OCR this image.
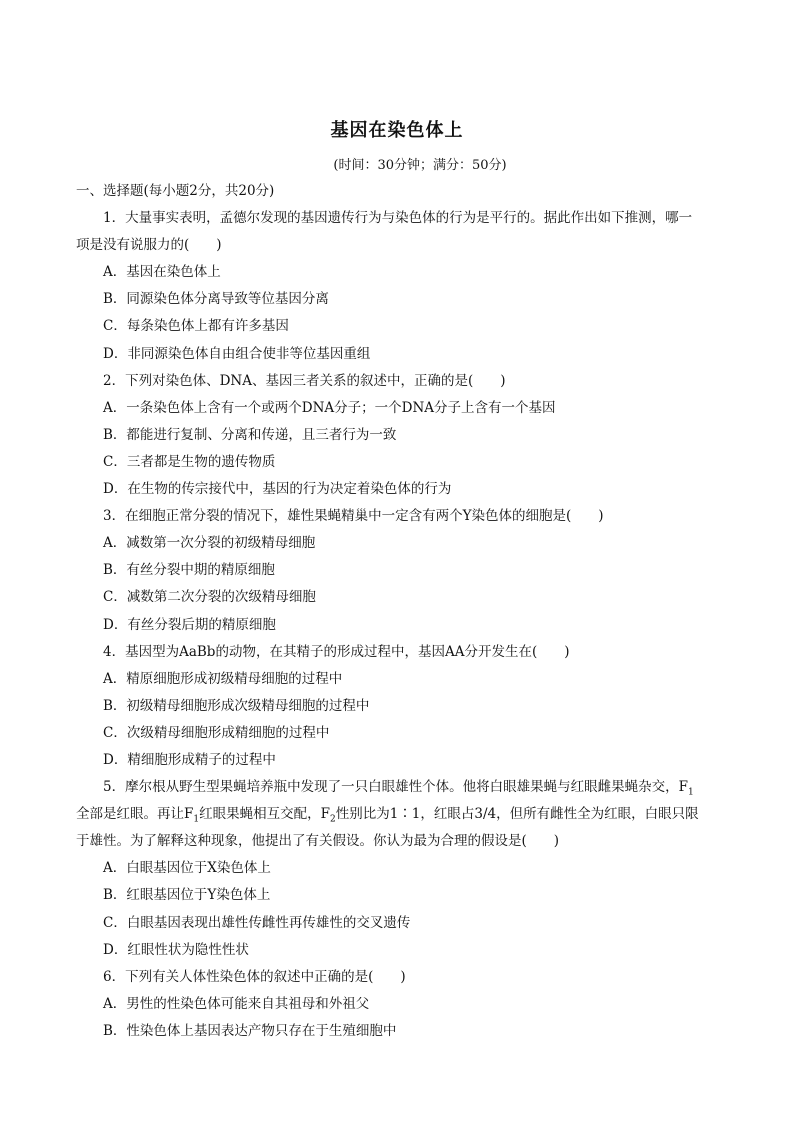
基因在染色体上
(时间：30分钟；满分：50分)
一、选择题(每小题2分，共20分)
1．大量事实表明，孟德尔发现的基因遗传行为与染色体的行为是平行的。据此作出如下推测，哪一
项是没有说服力的(　　)
A．基因在染色体上
B．同源染色体分离导致等位基因分离
C．每条染色体上都有许多基因
D．非同源染色体自由组合使非等位基因重组
2．下列对染色体、DNA、基因三者关系的叙述中，正确的是(　　)
A．一条染色体上含有一个或两个DNA分子；一个DNA分子上含有一个基因
B．都能进行复制、分离和传递，且三者行为一致
C．三者都是生物的遗传物质
D．在生物的传宗接代中，基因的行为决定着染色体的行为
3．在细胞正常分裂的情况下，雄性果蝇精巢中一定含有两个Y染色体的细胞是(　　)
A．减数第一次分裂的初级精母细胞
B．有丝分裂中期的精原细胞
C．减数第二次分裂的次级精母细胞
D．有丝分裂后期的精原细胞
4．基因型为AaBb的动物，在其精子的形成过程中，基因AA分开发生在(　　)
A．精原细胞形成初级精母细胞的过程中
B．初级精母细胞形成次级精母细胞的过程中
C．次级精母细胞形成精细胞的过程中
D．精细胞形成精子的过程中
5．摩尔根从野生型果蝇培养瓶中发现了一只白眼雄性个体。他将白眼雄果蝇与红眼雌果蝇杂交，$F_1$
全部是红眼。再让$F_1$红眼果蝇相互交配，$F_2$性别比为1∶1，红眼占3/4，但所有雌性全为红眼，白眼只限
于雄性。为了解释这种现象，他提出了有关假设。你认为最为合理的假设是(　　)
A．白眼基因位于X染色体上
B．红眼基因位于Y染色体上
C．白眼基因表现出雄性传雌性再传雄性的交叉遗传
D．红眼性状为隐性性状
6．下列有关人体性染色体的叙述中正确的是(　　)
A．男性的性染色体可能来自其祖母和外祖父
B．性染色体上基因表达产物只存在于生殖细胞中
